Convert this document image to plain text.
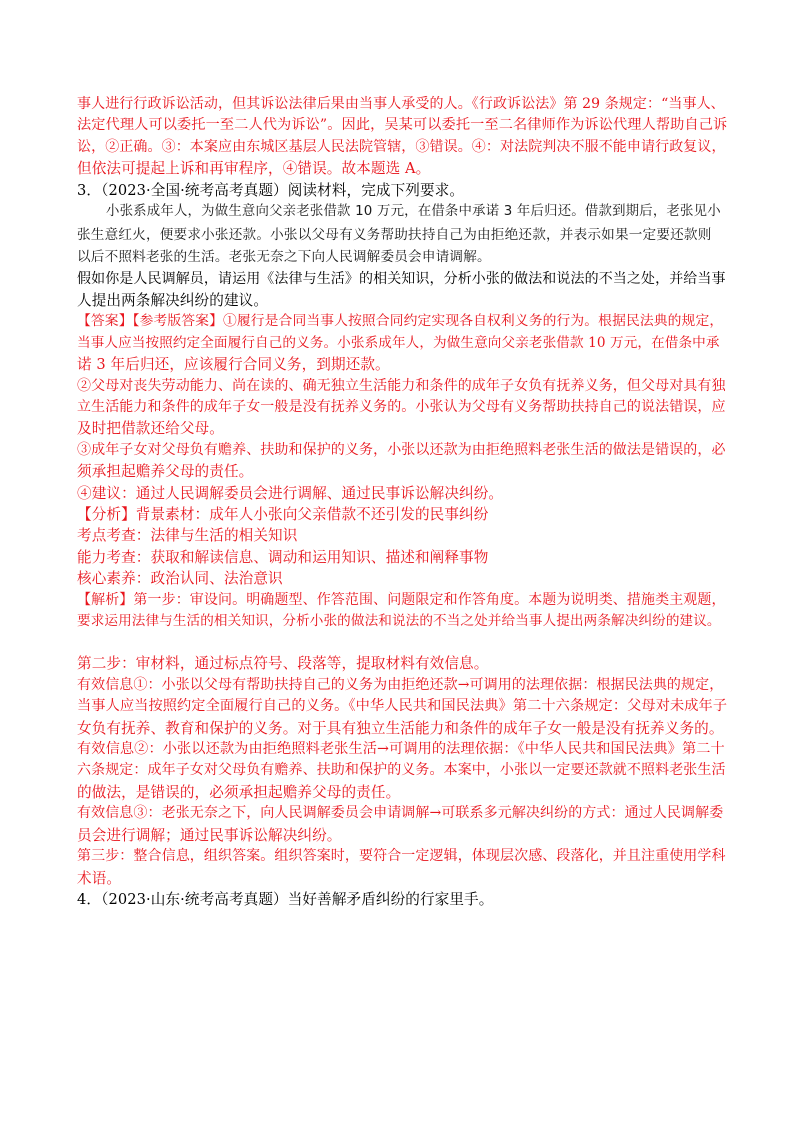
事人进行行政诉讼活动，但其诉讼法律后果由当事人承受的人。《行政诉讼法》第 29 条规定：“当事人、
法定代理人可以委托一至二人代为诉讼”。因此，吴某可以委托一至二名律师作为诉讼代理人帮助自己诉
讼，②正确。③：本案应由东城区基层人民法院管辖，③错误。④：对法院判决不服不能申请行政复议，
但依法可提起上诉和再审程序，④错误。故本题选 A。
3．（2023·全国·统考高考真题）阅读材料，完成下列要求。
小张系成年人，为做生意向父亲老张借款 10 万元，在借条中承诺 3 年后归还。借款到期后，老张见小
张生意红火，便要求小张还款。小张以父母有义务帮助扶持自己为由拒绝还款，并表示如果一定要还款则
以后不照料老张的生活。老张无奈之下向人民调解委员会申请调解。
假如你是人民调解员，请运用《法律与生活》的相关知识，分析小张的做法和说法的不当之处，并给当事
人提出两条解决纠纷的建议。
【答案】【参考版答案】①履行是合同当事人按照合同约定实现各自权利义务的行为。根据民法典的规定，
当事人应当按照约定全面履行自己的义务。小张系成年人，为做生意向父亲老张借款 10 万元，在借条中承
诺 3 年后归还，应该履行合同义务，到期还款。
②父母对丧失劳动能力、尚在读的、确无独立生活能力和条件的成年子女负有抚养义务，但父母对具有独
立生活能力和条件的成年子女一般是没有抚养义务的。小张认为父母有义务帮助扶持自己的说法错误，应
及时把借款还给父母。
③成年子女对父母负有赡养、扶助和保护的义务，小张以还款为由拒绝照料老张生活的做法是错误的，必
须承担起赡养父母的责任。
④建议：通过人民调解委员会进行调解、通过民事诉讼解决纠纷。
【分析】背景素材：成年人小张向父亲借款不还引发的民事纠纷
考点考查：法律与生活的相关知识
能力考查：获取和解读信息、调动和运用知识、描述和阐释事物
核心素养：政治认同、法治意识
【解析】第一步：审设问。明确题型、作答范围、问题限定和作答角度。本题为说明类、措施类主观题，
要求运用法律与生活的相关知识，分析小张的做法和说法的不当之处并给当事人提出两条解决纠纷的建议。
第二步：审材料，通过标点符号、段落等，提取材料有效信息。
有效信息①：小张以父母有帮助扶持自己的义务为由拒绝还款→可调用的法理依据：根据民法典的规定，
当事人应当按照约定全面履行自己的义务。《中华人民共和国民法典》第二十六条规定：父母对未成年子
女负有抚养、教育和保护的义务。对于具有独立生活能力和条件的成年子女一般是没有抚养义务的。
有效信息②：小张以还款为由拒绝照料老张生活→可调用的法理依据：《中华人民共和国民法典》第二十
六条规定：成年子女对父母负有赡养、扶助和保护的义务。本案中，小张以一定要还款就不照料老张生活
的做法，是错误的，必须承担起赡养父母的责任。
有效信息③：老张无奈之下，向人民调解委员会申请调解→可联系多元解决纠纷的方式：通过人民调解委
员会进行调解；通过民事诉讼解决纠纷。
第三步：整合信息，组织答案。组织答案时，要符合一定逻辑，体现层次感、段落化，并且注重使用学科
术语。
4．（2023·山东·统考高考真题）当好善解矛盾纠纷的行家里手。
